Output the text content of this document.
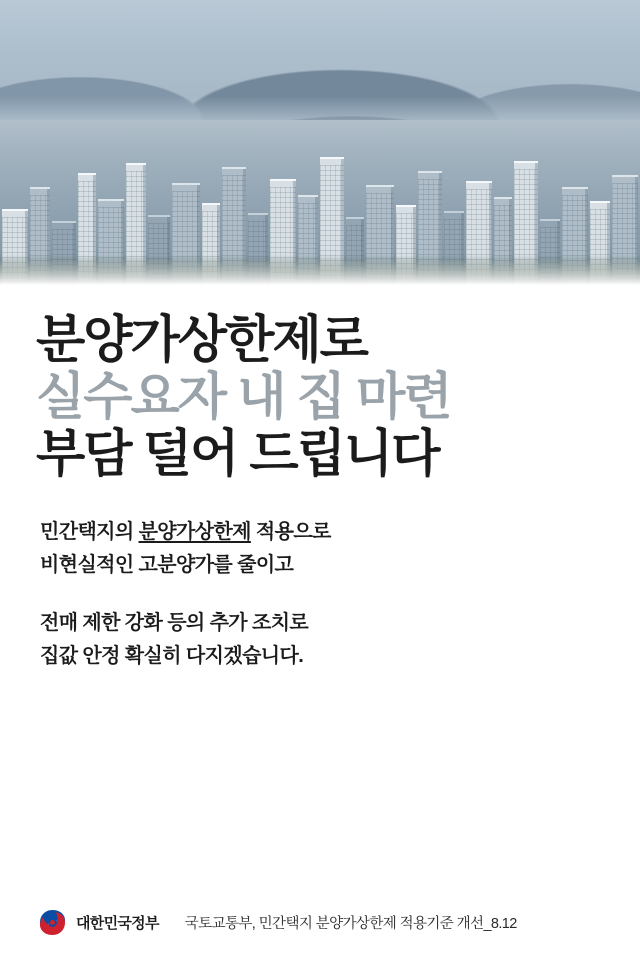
분양가상한제로
실수요자 내 집 마련
부담 덜어 드립니다

민간택지의 분양가상한제 적용으로
비현실적인 고분양가를 줄이고

전매 제한 강화 등의 추가 조치로
집값 안정 확실히 다지겠습니다.

대한민국정부 국토교통부, 민간택지 분양가상한제 적용기준 개선_8.12
